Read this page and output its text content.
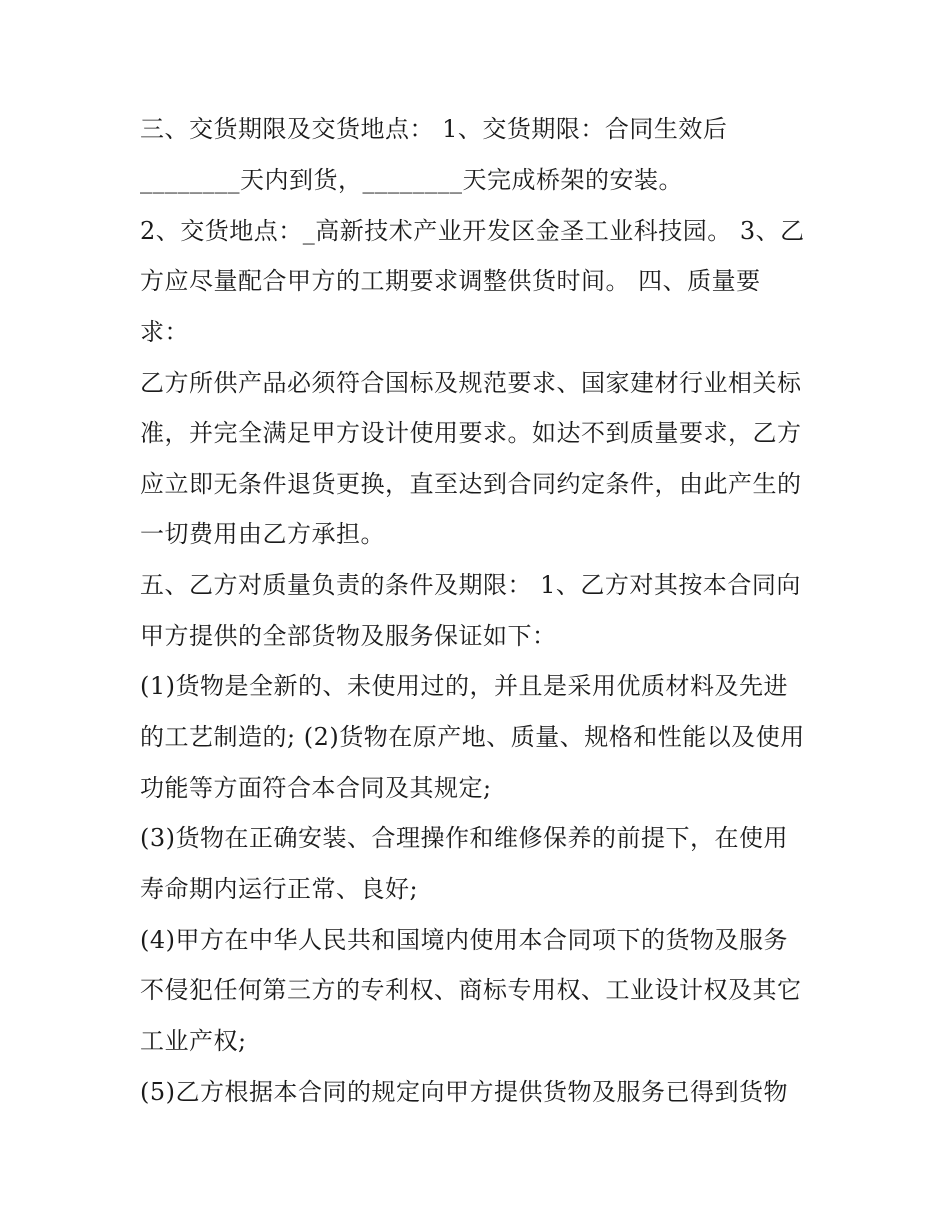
三、交货期限及交货地点： 1、交货期限：合同生效后
________天内到货，________天完成桥架的安装。
2、交货地点：_高新技术产业开发区金圣工业科技园。 3、乙
方应尽量配合甲方的工期要求调整供货时间。 四、质量要
求：
乙方所供产品必须符合国标及规范要求、国家建材行业相关标
准，并完全满足甲方设计使用要求。如达不到质量要求，乙方
应立即无条件退货更换，直至达到合同约定条件，由此产生的
一切费用由乙方承担。
五、乙方对质量负责的条件及期限： 1、乙方对其按本合同向
甲方提供的全部货物及服务保证如下：
(1)货物是全新的、未使用过的，并且是采用优质材料及先进
的工艺制造的; (2)货物在原产地、质量、规格和性能以及使用
功能等方面符合本合同及其规定;
(3)货物在正确安装、合理操作和维修保养的前提下，在使用
寿命期内运行正常、良好;
(4)甲方在中华人民共和国境内使用本合同项下的货物及服务
不侵犯任何第三方的专利权、商标专用权、工业设计权及其它
工业产权;
(5)乙方根据本合同的规定向甲方提供货物及服务已得到货物
